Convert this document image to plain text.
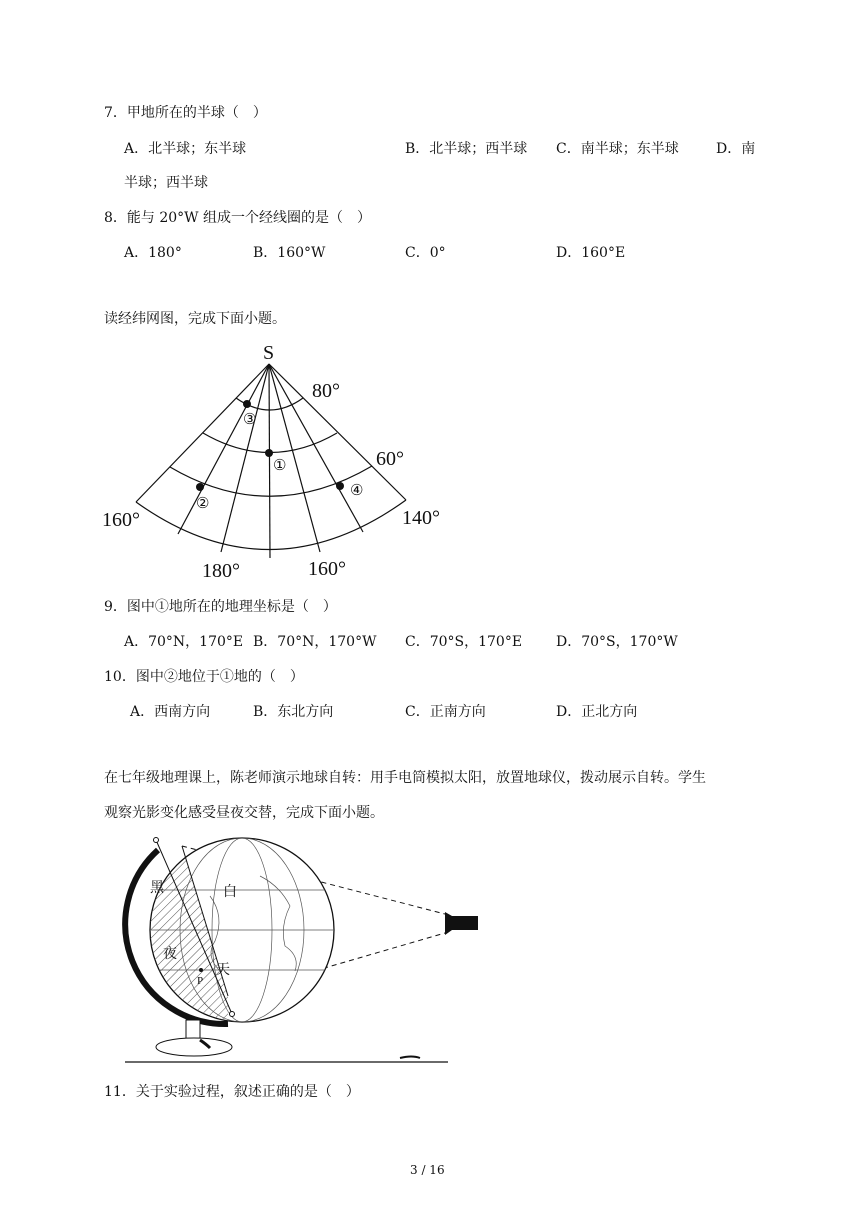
7．甲地所在的半球（　）
A．北半球；东半球	B．北半球；西半球 C．南半球；东半球	D．南
半球；西半球
8．能与 20°W 组成一个经线圈的是（　）
A．180°	B．160°W	C．0°	D．160°E
读经纬网图，完成下面小题。
S
80°
60°
160°	140°
180°	160°
③
①
②
④
9．图中①地所在的地理坐标是（　）
A．70°N，170°E B．70°N，170°W C．70°S，170°E D．70°S，170°W
10．图中②地位于①地的（　）
A．西南方向	B．东北方向	C．正南方向	D．正北方向
在七年级地理课上，陈老师演示地球自转：用手电筒模拟太阳，放置地球仪，拨动展示自转。学生
观察光影变化感受昼夜交替，完成下面小题。
黑
夜
白
天
P
11．关于实验过程，叙述正确的是（　）
3 / 16
